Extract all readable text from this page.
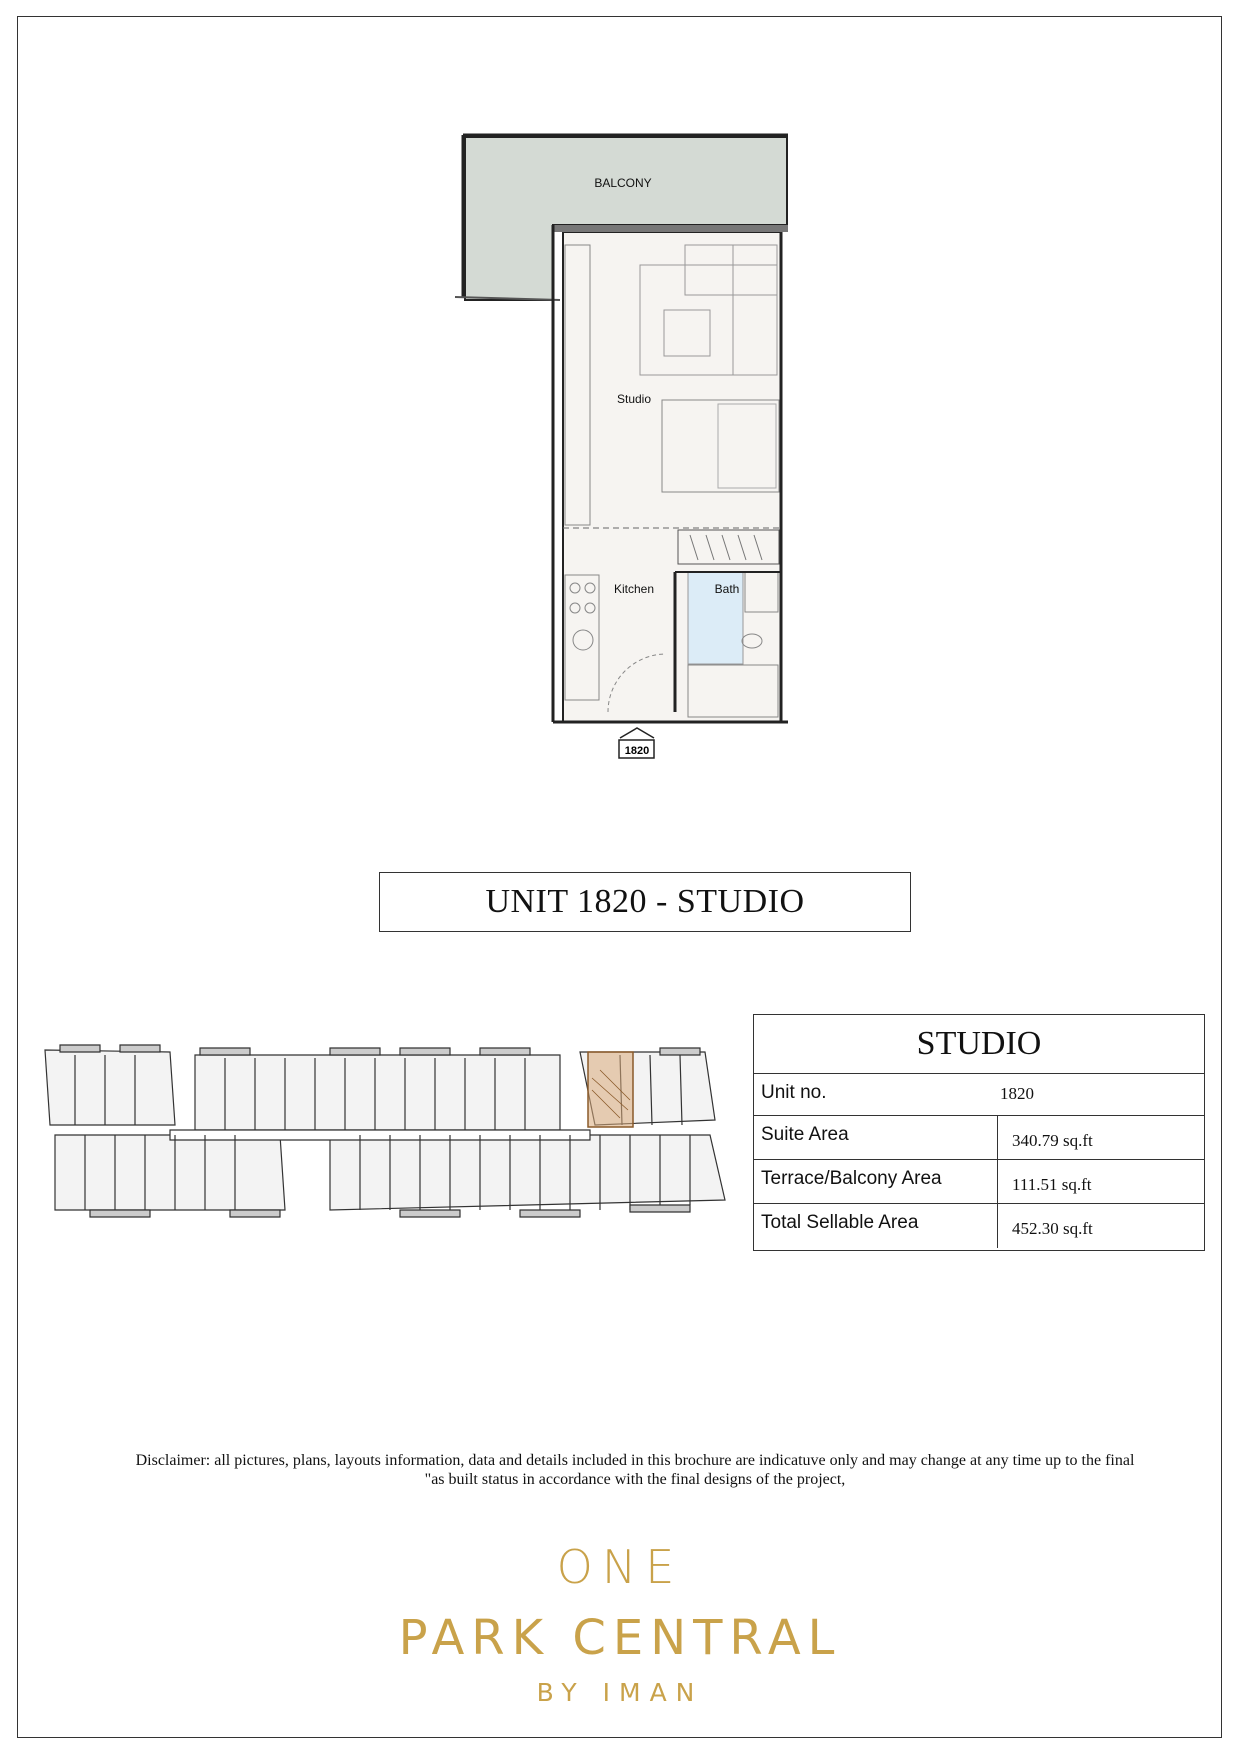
1820
BALCONY
Studio
Kitchen	Bath
UNIT 1820 - STUDIO
STUDIO
Unit no.	1820
Suite Area	340.79 sq.ft
Terrace/Balcony Area	111.51 sq.ft
Total Sellable Area	452.30 sq.ft
Disclaimer: all pictures, plans, layouts information, data and details included in this brochure are indicatuve only and may change at any time up to the final
"as built status in accordance with the final designs of the project,
ONE
PARK CENTRAL
BY IMAN
